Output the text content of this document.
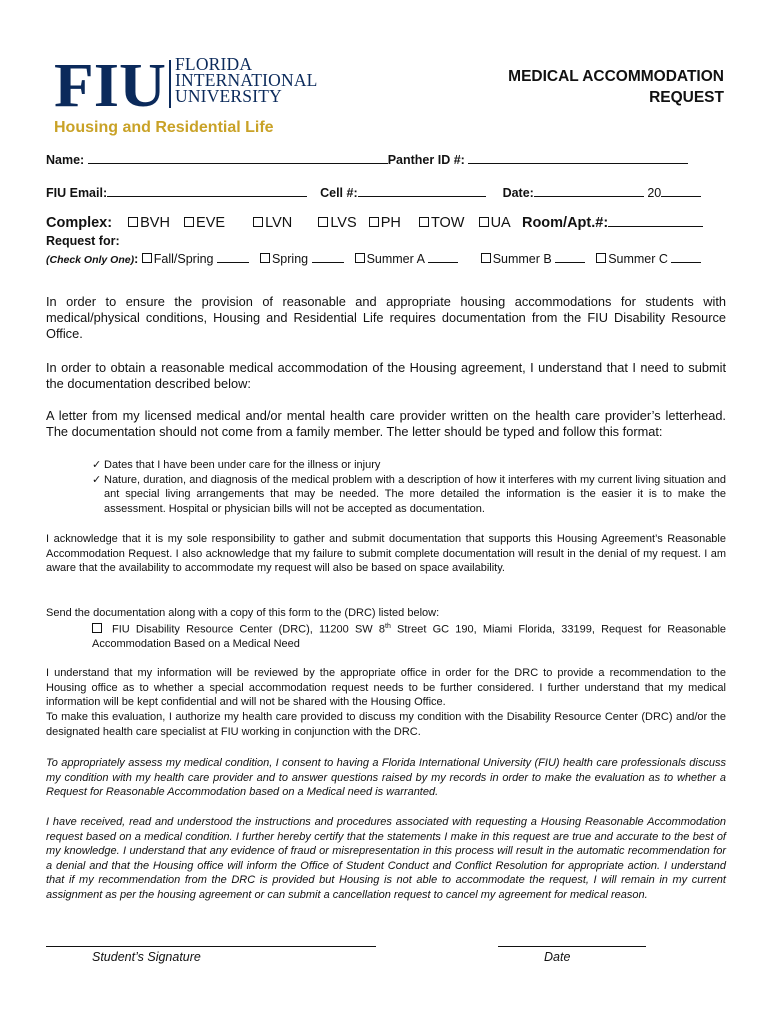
FIU FLORIDA
INTERNATIONAL
UNIVERSITY
Housing and Residential Life
MEDICAL ACCOMMODATION
REQUEST
Name:	Panther ID #:
FIU Email:	Cell #:	Date:	20
Complex: BVH EVE	LVN	LVS PH TOW UA Room/Apt.#:
Request for:
(Check Only One): Fall/Spring	Spring	Summer A	Summer B	Summer C
In order to ensure the provision of reasonable and appropriate housing accommodations for students with medical/physical conditions, Housing and Residential Life requires documentation from the FIU Disability Resource Office.
In order to obtain a reasonable medical accommodation of the Housing agreement, I understand that I need to submit the documentation described below:
A letter from my licensed medical and/or mental health care provider written on the health care provider’s letterhead. The documentation should not come from a family member. The letter should be typed and follow this format:
✓ Dates that I have been under care for the illness or injury
✓ Nature, duration, and diagnosis of the medical problem with a description of how it interferes with my current living situation and ant special living arrangements that may be needed. The more detailed the information is the easier it is to make the assessment. Hospital or physician bills will not be accepted as documentation.
I acknowledge that it is my sole responsibility to gather and submit documentation that supports this Housing Agreement’s Reasonable Accommodation Request. I also acknowledge that my failure to submit complete documentation will result in the denial of my request. I am aware that the availability to accommodate my request will also be based on space availability.
Send the documentation along with a copy of this form to the (DRC) listed below:
FIU Disability Resource Center (DRC), 11200 SW 8th Street GC 190, Miami Florida, 33199, Request for Reasonable Accommodation Based on a Medical Need
I understand that my information will be reviewed by the appropriate office in order for the DRC to provide a recommendation to the Housing office as to whether a special accommodation request needs to be further considered. I further understand that my medical information will be kept confidential and will not be shared with the Housing Office.
To make this evaluation, I authorize my health care provided to discuss my condition with the Disability Resource Center (DRC) and/or the designated health care specialist at FIU working in conjunction with the DRC.
To appropriately assess my medical condition, I consent to having a Florida International University (FIU) health care professionals discuss my condition with my health care provider and to answer questions raised by my records in order to make the evaluation as to whether a Request for Reasonable Accommodation based on a Medical need is warranted.
I have received, read and understood the instructions and procedures associated with requesting a Housing Reasonable Accommodation request based on a medical condition. I further hereby certify that the statements I make in this request are true and accurate to the best of my knowledge. I understand that any evidence of fraud or misrepresentation in this process will result in the automatic recommendation for a denial and that the Housing office will inform the Office of Student Conduct and Conflict Resolution for appropriate action. I understand that if my recommendation from the DRC is provided but Housing is not able to accommodate the request, I will remain in my current assignment as per the housing agreement or can submit a cancellation request to cancel my agreement for medical reason.
Student’s Signature	Date
